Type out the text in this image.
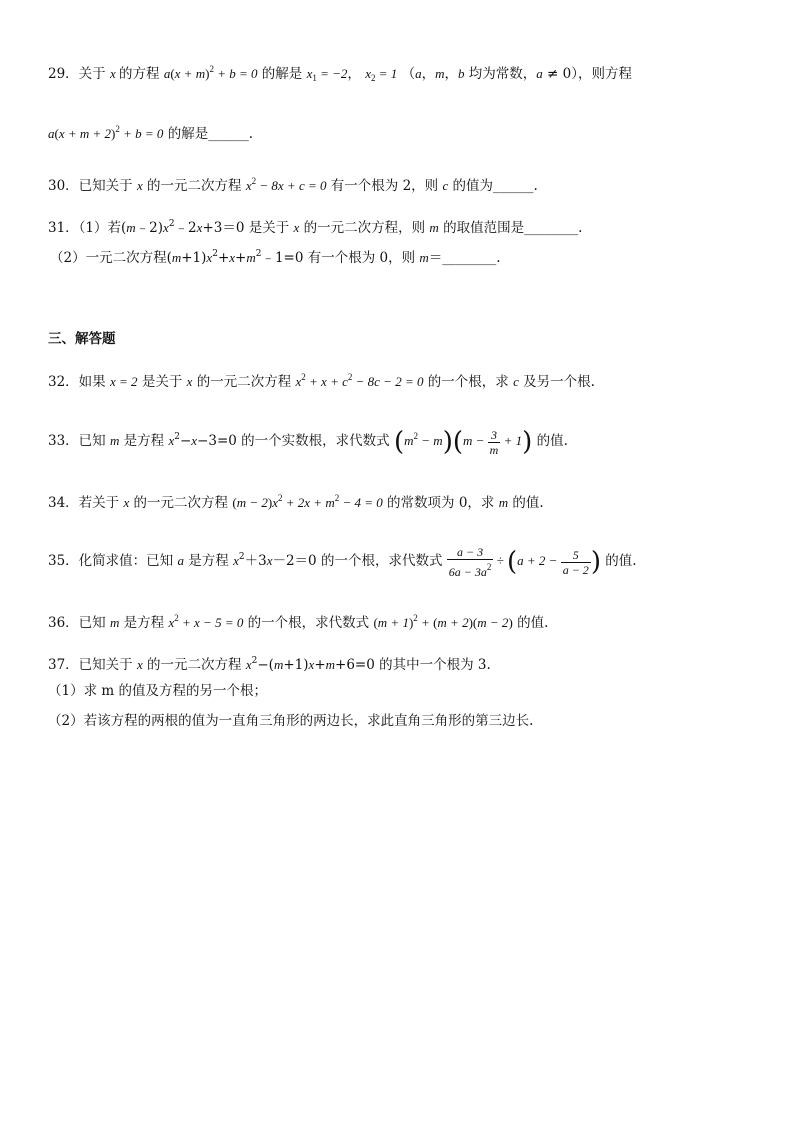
29．关于 x 的方程 $a(x + m)^2 + b = 0$ 的解是 $x_1 = -2$， $x_2 = 1$ （a，m，b 均为常数，a ≠ 0），则方程
$a(x + m + 2)^2 + b = 0$ 的解是______.
30．已知关于 x 的一元二次方程 $x^2 - 8x + c = 0$ 有一个根为 2，则 c 的值为______.
31．（1）若$(m﹣2)x^2﹣2x+3=0$ 是关于 x 的一元二次方程，则 m 的取值范围是________.
（2）一元二次方程$(m+1)x^2+x+m^2﹣1=0$ 有一个根为 0，则 m＝________.
三、解答题
32．如果 x = 2 是关于 x 的一元二次方程 $x^2 + x + c^2 - 8c - 2 = 0$ 的一个根，求 c 及另一个根.
33．已知 m 是方程 $x^2-x-3=0$ 的一个实数根，求代数式 $(m^2 - m)(m - \frac{3}{m} + 1)$ 的值.
34．若关于 x 的一元二次方程 $(m - 2)x^2 + 2x + m^2 - 4 = 0$ 的常数项为 0，求 m 的值.
35．化简求值：已知 a 是方程 $x^2+3x-2=0$ 的一个根，求代数式 $\frac{a - 3}{6a - 3a^2} \div (a + 2 - \frac{5}{a - 2}$ ) 的值.
36．已知 m 是方程 $x^2 + x - 5 = 0$ 的一个根，求代数式 $(m + 1)^2 + (m + 2)(m - 2)$ 的值.
37．已知关于 x 的一元二次方程 $x^2-(m+1)x+m+6=0$ 的其中一个根为 3.
（1）求 m 的值及方程的另一个根；
（2）若该方程的两根的值为一直角三角形的两边长，求此直角三角形的第三边长.
